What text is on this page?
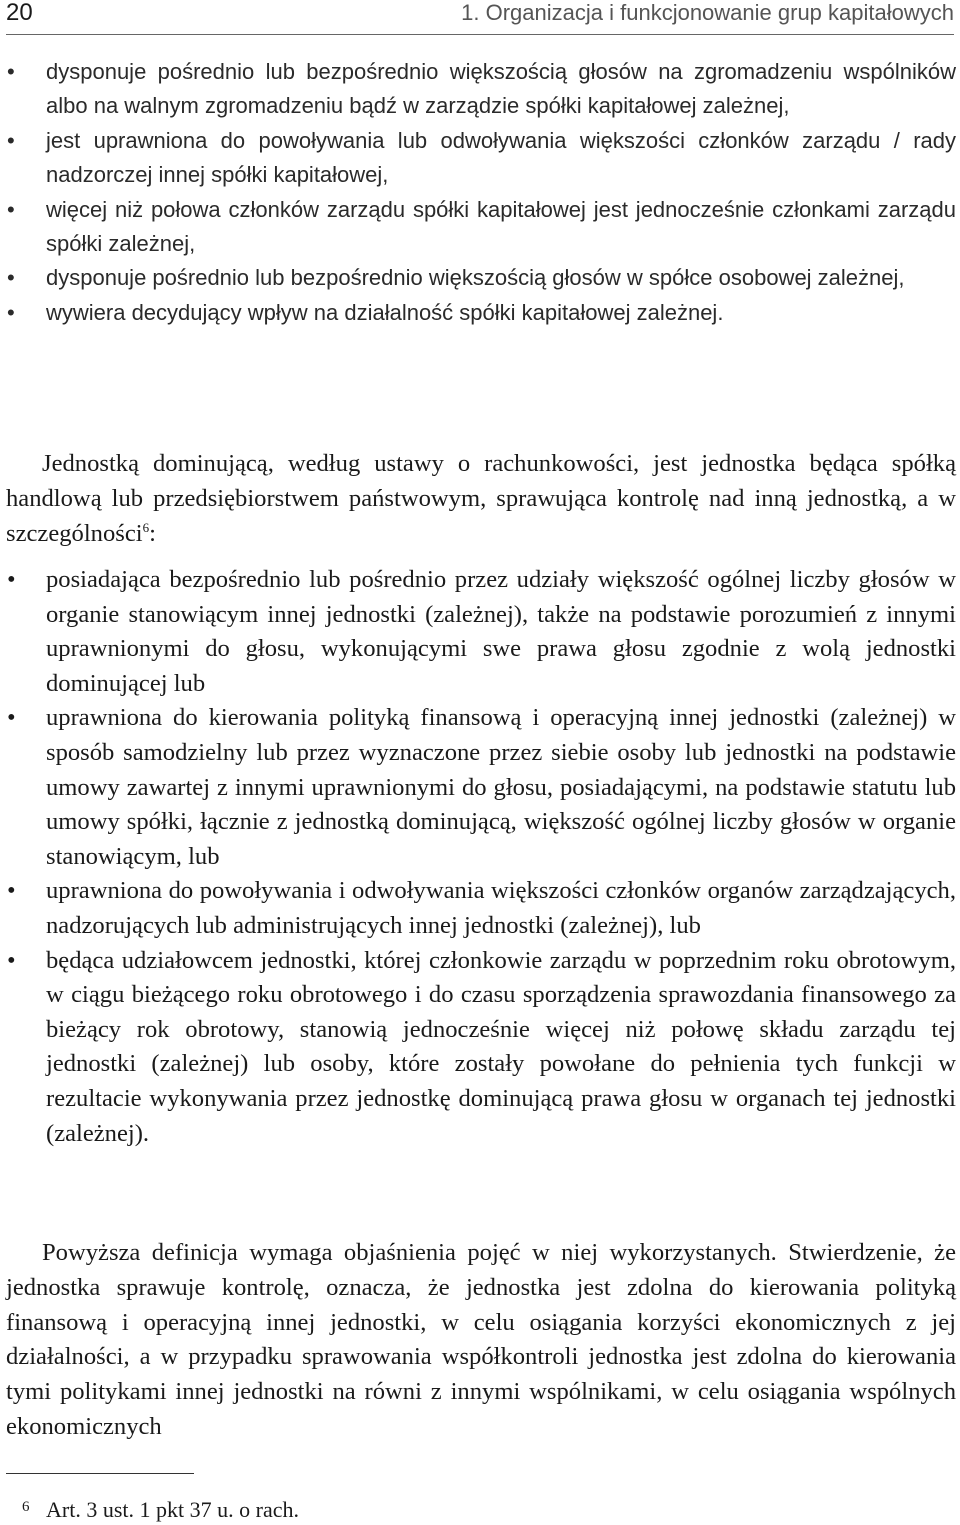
20	1. Organizacja i funkcjonowanie grup kapitałowych
• dysponuje pośrednio lub bezpośrednio większością głosów na zgromadzeniu wspólników albo na walnym zgromadzeniu bądź w zarządzie spółki kapitałowej zależnej,
• jest uprawniona do powoływania lub odwoływania większości członków zarządu / rady nadzorczej innej spółki kapitałowej,
• więcej niż połowa członków zarządu spółki kapitałowej jest jednocześnie członkami zarządu spółki zależnej,
• dysponuje pośrednio lub bezpośrednio większością głosów w spółce osobowej zależnej,
• wywiera decydujący wpływ na działalność spółki kapitałowej zależnej.

Jednostką dominującą, według ustawy o rachunkowości, jest jednostka będąca spółką handlową lub przedsiębiorstwem państwowym, sprawująca kontrolę nad inną jednostką, a w szczególności$^6$:

• posiadająca bezpośrednio lub pośrednio przez udziały większość ogólnej liczby głosów w organie stanowiącym innej jednostki (zależnej), także na podstawie porozumień z innymi uprawnionymi do głosu, wykonującymi swe prawa głosu zgodnie z wolą jednostki dominującej lub
• uprawniona do kierowania polityką finansową i operacyjną innej jednostki (zależnej) w sposób samodzielny lub przez wyznaczone przez siebie osoby lub jednostki na podstawie umowy zawartej z innymi uprawnionymi do głosu, posiadającymi, na podstawie statutu lub umowy spółki, łącznie z jednostką dominującą, większość ogólnej liczby głosów w organie stanowiącym, lub
• uprawniona do powoływania i odwoływania większości członków organów zarządzających, nadzorujących lub administrujących innej jednostki (zależnej), lub
• będąca udziałowcem jednostki, której członkowie zarządu w poprzednim roku obrotowym, w ciągu bieżącego roku obrotowego i do czasu sporządzenia sprawozdania finansowego za bieżący rok obrotowy, stanowią jednocześnie więcej niż połowę składu zarządu tej jednostki (zależnej) lub osoby, które zostały powołane do pełnienia tych funkcji w rezultacie wykonywania przez jednostkę dominującą prawa głosu w organach tej jednostki (zależnej).

Powyższa definicja wymaga objaśnienia pojęć w niej wykorzystanych. Stwierdzenie, że jednostka sprawuje kontrolę, oznacza, że jednostka jest zdolna do kierowania polityką finansową i operacyjną innej jednostki, w celu osiągania korzyści ekonomicznych z jej działalności, a w przypadku sprawowania współkontroli jednostka jest zdolna do kierowania tymi politykami innej jednostki na równi z innymi wspólnikami, w celu osiągania wspólnych ekonomicznych

6 Art. 3 ust. 1 pkt 37 u. o rach.
